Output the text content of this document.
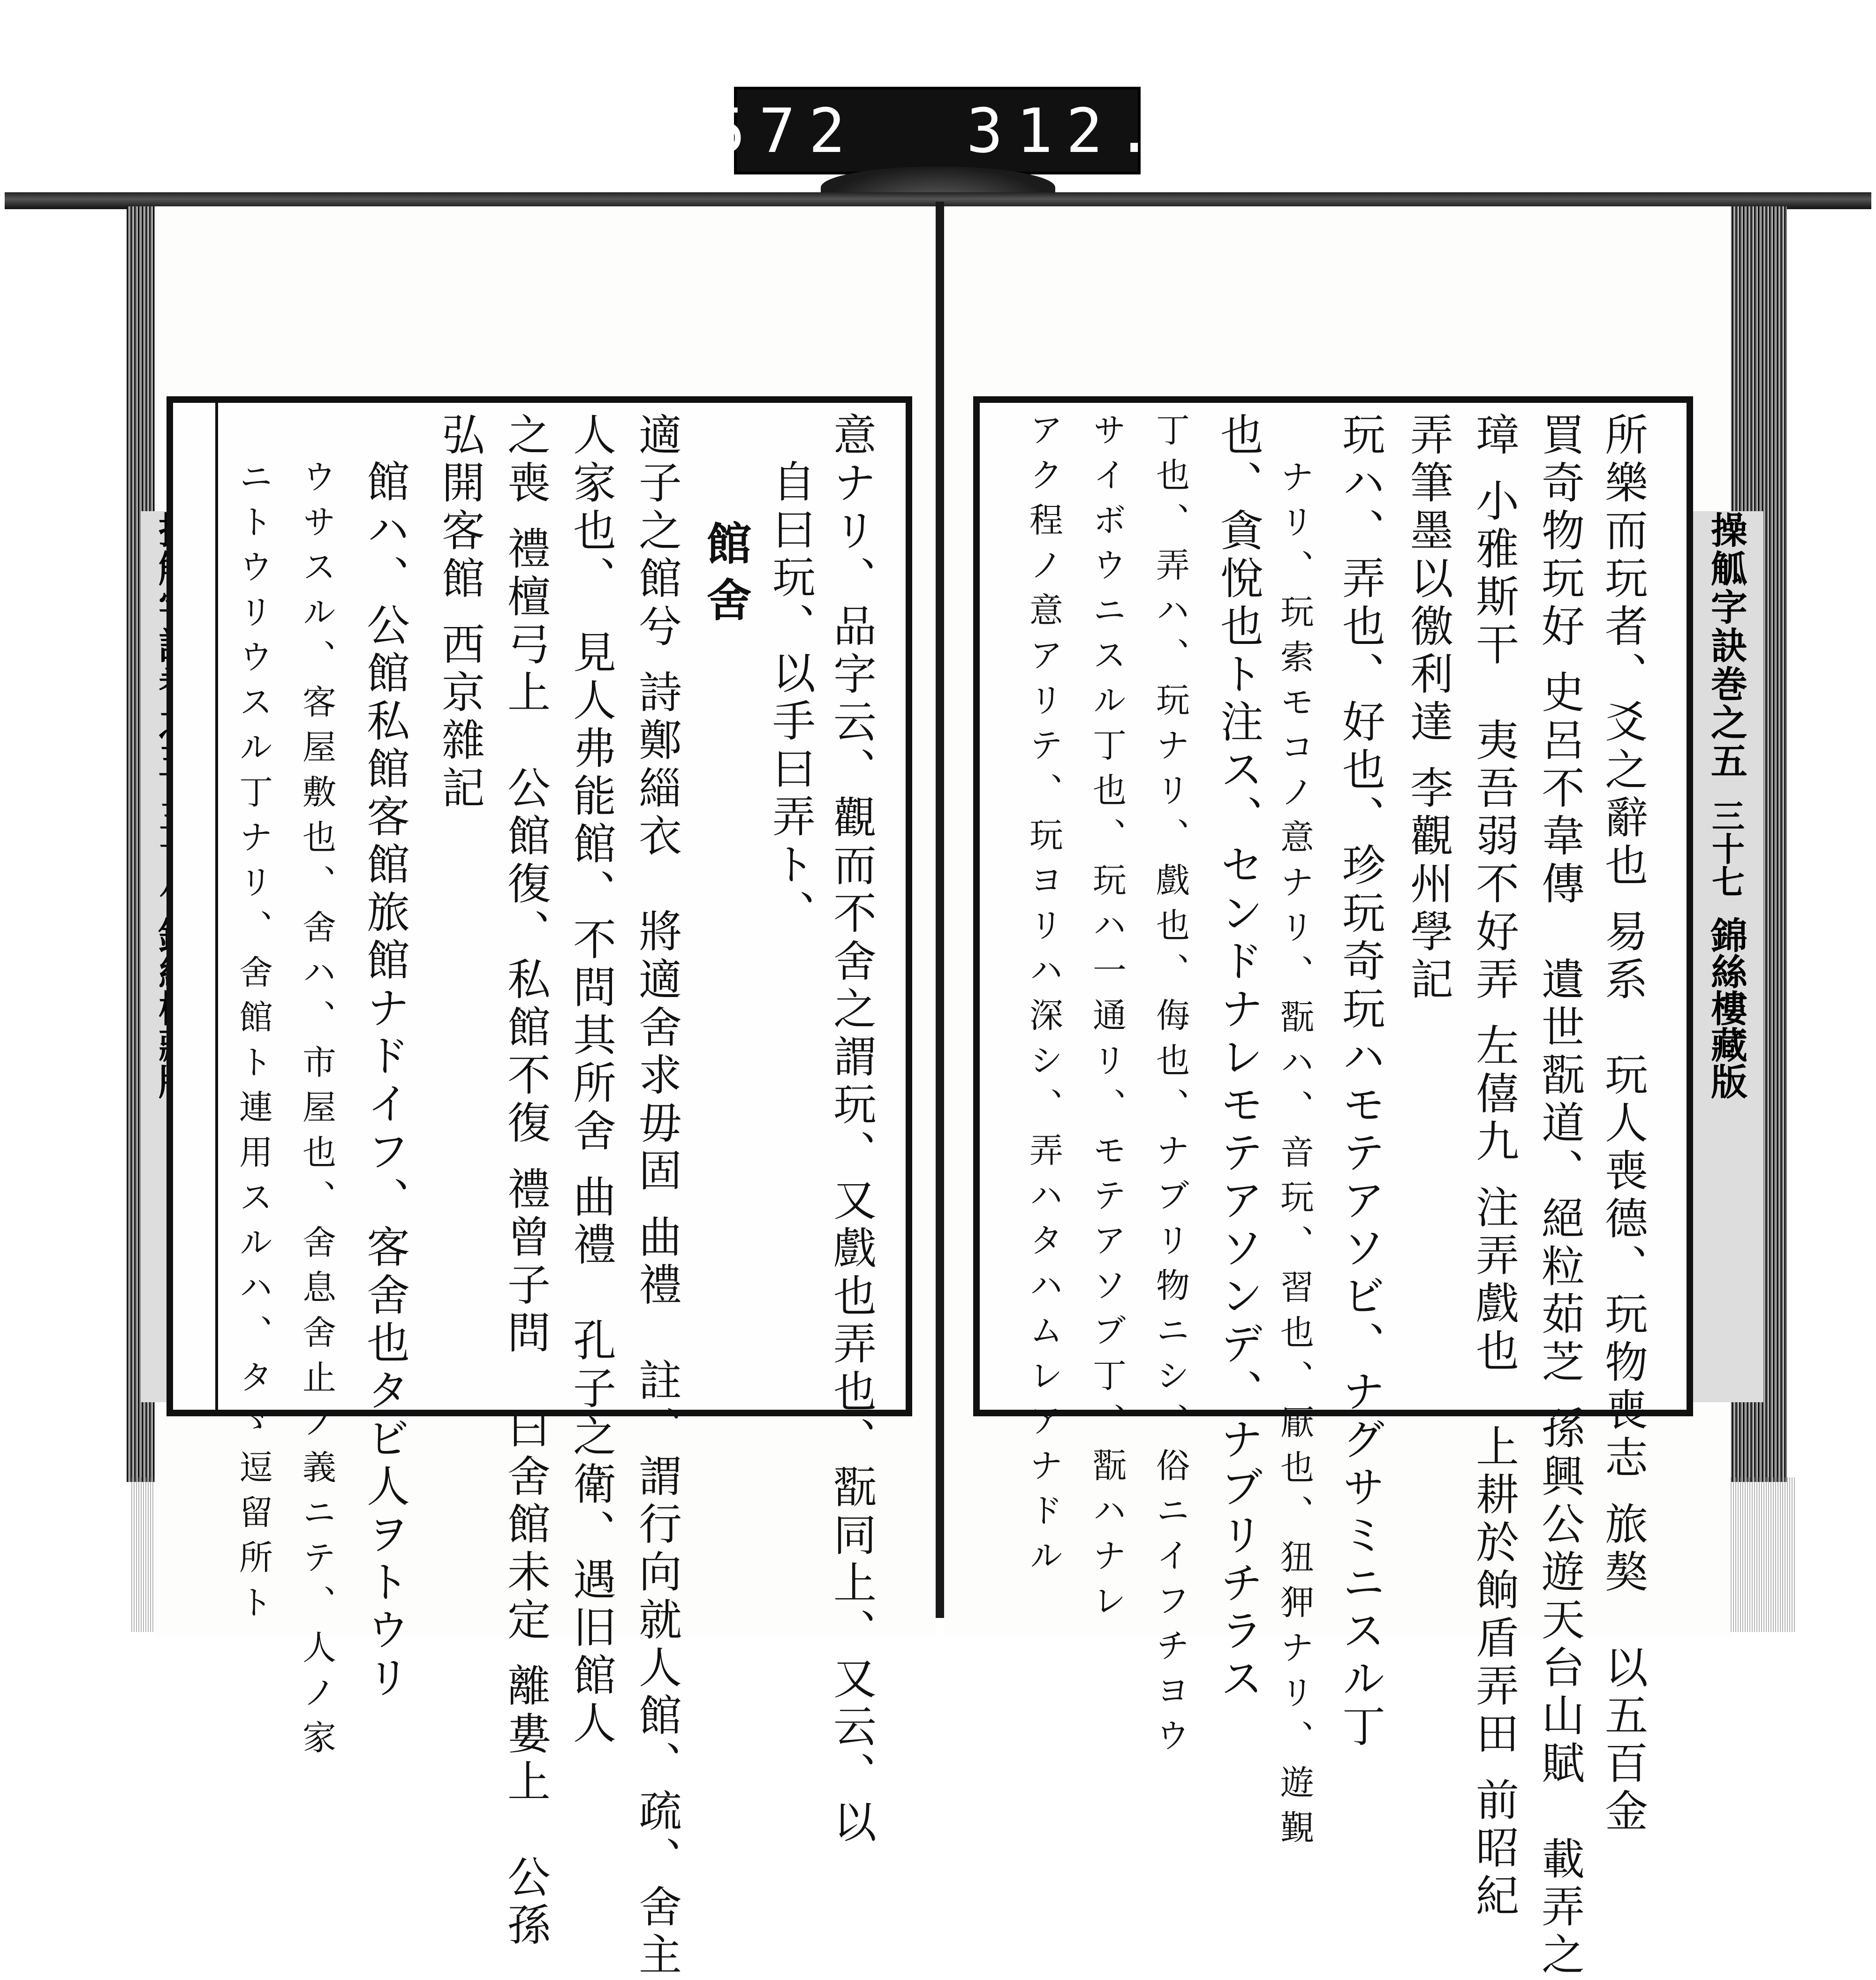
572 312.
操觚字訣巻之五
三十七
錦絲樓藏版
意ナリ、品字云、觀而不舍之謂玩、又戲也弄也、翫同上、又云、以
自曰玩、以手曰弄ト、
館舍
適子之館兮 詩鄭緇衣　將適舍求毋固 曲禮　註、謂行向就人館、疏、舍主
人家也、　見人弗能館、不問其所舍 曲禮　孔子之衛、遇旧館人
之喪 禮檀弓上　公館復、私館不復 禮曾子問　曰舍館未定 離婁上　公孫
弘開客館 西京雜記
館ハ、公館私館客館旅館ナドイフ、客舍也タビ人ヲトウリ
ウサスル、客屋敷也、舍ハ、市屋也、舍息舍止ノ義ニテ、人ノ家
ニトウリウスル丁ナリ、舍館ト連用スルハ、タゞ逗留所ト	所樂而玩者、爻之辭也 易系　玩人喪德、玩物喪志 旅獒　以五百金
買奇物玩好 史呂不韋傳　遺世翫道、絕粒茹芝 孫興公遊天台山賦　載弄之
璋 小雅斯干　夷吾弱不好弄 左僖九 注弄戲也　上耕於餉盾弄田 前昭紀
弄筆墨以徼利達 李觀州學記
玩ハ、弄也、好也、珍玩奇玩ハモテアソビ、ナグサミニスル丁
ナリ、玩索モコノ意ナリ、翫ハ、音玩、習也、厭也、狃狎ナリ、遊覲
也、貪悅也ト注ス、センドナレモテアソンデ、ナブリチラス
丁也、弄ハ、玩ナリ、戲也、侮也、ナブリ物ニシ、俗ニイフチヨウ
サイボウニスル丁也、玩ハ一通リ、モテアソブ丁、翫ハナレ
アク程ノ意アリテ、玩ヨリハ深シ、弄ハタハムレアナドル
